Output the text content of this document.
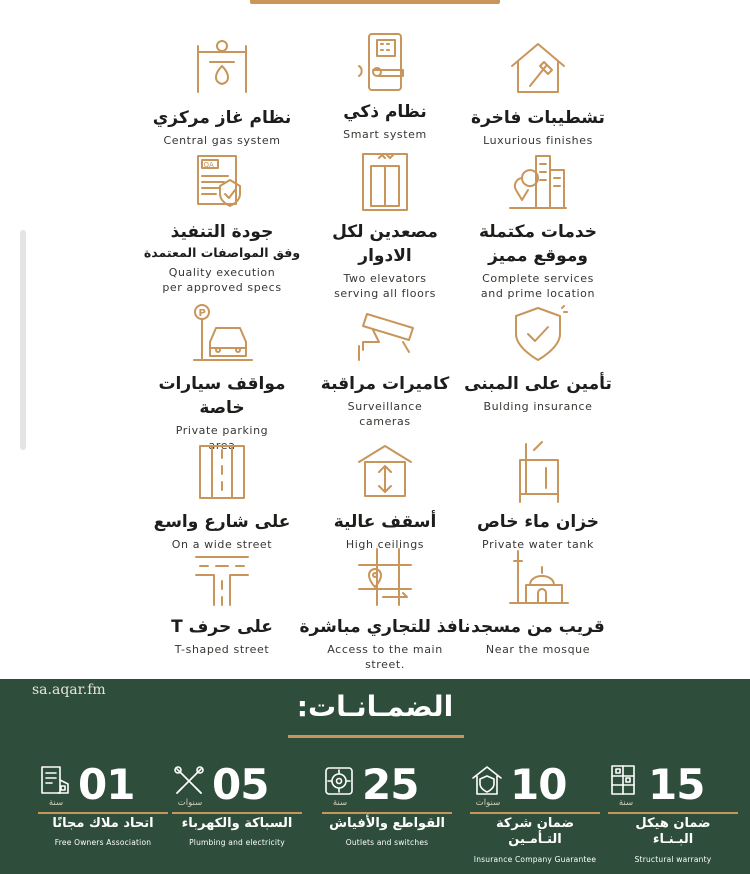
تشطيبات فاخرة
Luxurious finishes
نظام ذكي
Smart system
نظام غاز مركزي
Central gas system
خدمات مكتملة
وموقع مميز
Complete services
and prime location
مصعدين لكل
الادوار
Two elevators
serving all floors
QA
جودة التنفيذ
وفق المواصفات المعتمدة
Quality execution
per approved specs
تأمين على المبنى
Bulding insurance
كاميرات مراقبة
Surveillance
cameras
P
مواقف سيارات
خاصة
Private parking
area
خزان ماء خاص
Private water tank
أسقف عالية
High ceilings
على شارع واسع
On a wide street
قريب من مسجد
Near the mosque
نافذ للتجاري مباشرة
Access to the main
street.
على حرف T
T-shaped street
sa.aqar.fm	الضمـانـات:
سنة 15
ضمان هيكل
البـنـاء
Structural warranty
سنوات 10
ضمان شركة
التـأمـين
Insurance Company Guarantee
سنة 25
القواطع والأفياش
Outlets and switches
سنوات 05
السباكة والكهرباء
Plumbing and electricity
سنة 01
اتحاد ملاك مجانًا
Free Owners Association
